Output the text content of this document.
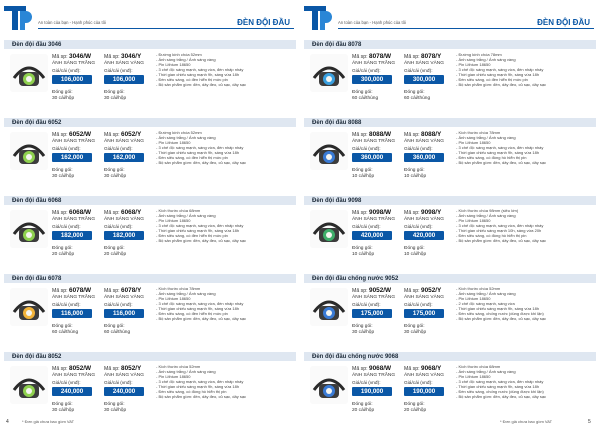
An toàn của bạn - Hạnh phúc của tôi	ĐÈN ĐỘI ĐẦU
Đèn đội đầu 3046
Mã sp: 3046/W
ÁNH SÁNG TRẮNG
Giá/cái (vnđ):
106,000
Đóng gói:
30 cái/hộp
Mã sp: 3046/Y
ÁNH SÁNG VÀNG
Giá/cái (vnđ):
106,000
Đóng gói:
30 cái/hộp
- Đường kính chóa 52mm
- Ánh sáng trắng / Ánh sáng vàng
- Pin Lithium 18650
- 3 chế độ: sáng mạnh, sáng vừa, đèn nhấp nháy
- Thời gian chiếu sáng mạnh 9h, sáng vừa 18h
- Đèn siêu sáng, có đèn hiển thị mức pin
- Bộ sản phẩm gồm: đèn, dây đeo, củ sạc, dây sạc
Đèn đội đầu 6052
Mã sp: 6052/W
ÁNH SÁNG TRẮNG
Giá/cái (vnđ):
162,000
Đóng gói:
30 cái/hộp
Mã sp: 6052/Y
ÁNH SÁNG VÀNG
Giá/cái (vnđ):
162,000
Đóng gói:
30 cái/hộp
- Đường kính chóa 52mm
- Ánh sáng trắng / Ánh sáng vàng
- Pin Lithium 18650
- 3 chế độ: sáng mạnh, sáng vừa, đèn nhấp nháy
- Thời gian chiếu sáng mạnh 9h, sáng vừa 18h
- Đèn siêu sáng, có đèn hiển thị mức pin
- Bộ sản phẩm gồm: đèn, dây đeo, củ sạc, dây sạc
Đèn đội đầu 6068
Mã sp: 6068/W
ÁNH SÁNG TRẮNG
Giá/cái (vnđ):
182,000
Đóng gói:
20 cái/hộp
Mã sp: 6068/Y
ÁNH SÁNG VÀNG
Giá/cái (vnđ):
182,000
Đóng gói:
20 cái/hộp
- Kích thước chóa 68mm
- Ánh sáng trắng / Ánh sáng vàng
- Pin Lithium 18650
- 3 chế độ: sáng mạnh, sáng vừa, đèn nhấp nháy
- Thời gian chiếu sáng mạnh 9h, sáng vừa 18h
- Đèn siêu sáng, có đèn hiển thị mức pin
- Bộ sản phẩm gồm: đèn, dây đeo, củ sạc, dây sạc
Đèn đội đầu 6078
Mã sp: 6078/W
ÁNH SÁNG TRẮNG
Giá/cái (vnđ):
116,000
Đóng gói:
60 cái/thùng
Mã sp: 6078/Y
ÁNH SÁNG VÀNG
Giá/cái (vnđ):
116,000
Đóng gói:
60 cái/thùng
- Kích thước chóa 78mm
- Ánh sáng trắng / Ánh sáng vàng
- Pin Lithium 18650
- 3 chế độ: sáng mạnh, sáng vừa, đèn nhấp nháy
- Thời gian chiếu sáng mạnh 9h, sáng vừa 18h
- Đèn siêu sáng, có đèn hiển thị mức pin
- Bộ sản phẩm gồm: đèn, dây đeo, củ sạc, dây sạc
Đèn đội đầu 8052
Mã sp: 8052/W
ÁNH SÁNG TRẮNG
Giá/cái (vnđ):
240,000
Đóng gói:
30 cái/hộp
Mã sp: 8052/Y
ÁNH SÁNG VÀNG
Giá/cái (vnđ):
240,000
Đóng gói:
30 cái/hộp
- Kích thước chóa 52mm
- Ánh sáng trắng / Ánh sáng vàng
- Pin Lithium 18650
- 3 chế độ: sáng mạnh, sáng vừa, đèn nhấp nháy
- Thời gian chiếu sáng mạnh 9h, sáng vừa 18h
- Đèn siêu sáng, có đồng hồ hiển thị pin
- Bộ sản phẩm gồm: đèn, dây đeo, củ sạc, dây sạc
4	* Đơn giá chưa bao gồm VAT
An toàn của bạn - Hạnh phúc của tôi	ĐÈN ĐỘI ĐẦU
Đèn đội đầu 8078
Mã sp: 8078/W
ÁNH SÁNG TRẮNG
Giá/cái (vnđ):
300,000
Đóng gói:
60 cái/thùng
Mã sp: 8078/Y
ÁNH SÁNG VÀNG
Giá/cái (vnđ):
300,000
Đóng gói:
60 cái/thùng
- Đường kính chóa 78mm
- Ánh sáng trắng / Ánh sáng vàng
- Pin Lithium 18650
- 3 chế độ: sáng mạnh, sáng vừa, đèn nhấp nháy
- Thời gian chiếu sáng mạnh 9h, sáng vừa 18h
- Đèn siêu sáng, có đèn hiển thị mức pin
- Bộ sản phẩm gồm: đèn, dây đeo, củ sạc, dây sạc
Đèn đội đầu 8088
Mã sp: 8088/W
ÁNH SÁNG TRẮNG
Giá/cái (vnđ):
360,000
Đóng gói:
10 cái/hộp
Mã sp: 8088/Y
ÁNH SÁNG VÀNG
Giá/cái (vnđ):
360,000
Đóng gói:
10 cái/hộp
- Kích thước chóa 78mm
- Ánh sáng trắng / Ánh sáng vàng
- Pin Lithium 18650
- 3 chế độ: sáng mạnh, sáng vừa, đèn nhấp nháy
- Thời gian chiếu sáng mạnh 9h, sáng vừa 18h
- Đèn siêu sáng, có đồng hồ hiển thị pin
- Bộ sản phẩm gồm: đèn, dây đeo, củ sạc, dây sạc
Đèn đội đầu 9098
Mã sp: 9098/W
ÁNH SÁNG TRẮNG
Giá/cái (vnđ):
420,000
Đóng gói:
10 cái/hộp
Mã sp: 9098/Y
ÁNH SÁNG VÀNG
Giá/cái (vnđ):
420,000
Đóng gói:
10 cái/hộp
- Kích thước chóa 98mm (siêu lớn)
- Ánh sáng trắng / Ánh sáng vàng
- Pin Lithium 18650
- 3 chế độ: sáng mạnh, sáng vừa, đèn nhấp nháy
- Thời gian chiếu sáng mạnh 10h, sáng vừa 20h
- Đèn siêu sáng, có đồng hồ hiển thị pin
- Bộ sản phẩm gồm: đèn, dây đeo, củ sạc, dây sạc
Đèn đội đầu chống nước 9052
Mã sp: 9052/W
ÁNH SÁNG TRẮNG
Giá/cái (vnđ):
175,000
Đóng gói:
30 cái/hộp
Mã sp: 9052/Y
ÁNH SÁNG VÀNG
Giá/cái (vnđ):
175,000
Đóng gói:
30 cái/hộp
- Kích thước chóa 52mm
- Ánh sáng trắng / Ánh sáng vàng
- Pin Lithium 18650
- 2 chế độ: sáng mạnh, sáng vừa
- Thời gian chiếu sáng mạnh 9h, sáng vừa 18h
- Đèn siêu sáng, chống nước (dùng được khi lặn)
- Bộ sản phẩm gồm: đèn, dây đeo, củ sạc, dây sạc
Đèn đội đầu chống nước 9068
Mã sp: 9068/W
ÁNH SÁNG TRẮNG
Giá/cái (vnđ):
190,000
Đóng gói:
20 cái/hộp
Mã sp: 9068/Y
ÁNH SÁNG VÀNG
Giá/cái (vnđ):
190,000
Đóng gói:
20 cái/hộp
- Kích thước chóa 68mm
- Ánh sáng trắng / Ánh sáng vàng
- Pin Lithium 18650
- 3 chế độ: sáng mạnh, sáng vừa, đèn nhấp nháy
- Thời gian chiếu sáng mạnh 9h, sáng vừa 18h
- Đèn siêu sáng, chống nước (dùng được khi lặn)
- Bộ sản phẩm gồm: đèn, dây đeo, củ sạc, dây sạc
* Đơn giá chưa bao gồm VAT	5
